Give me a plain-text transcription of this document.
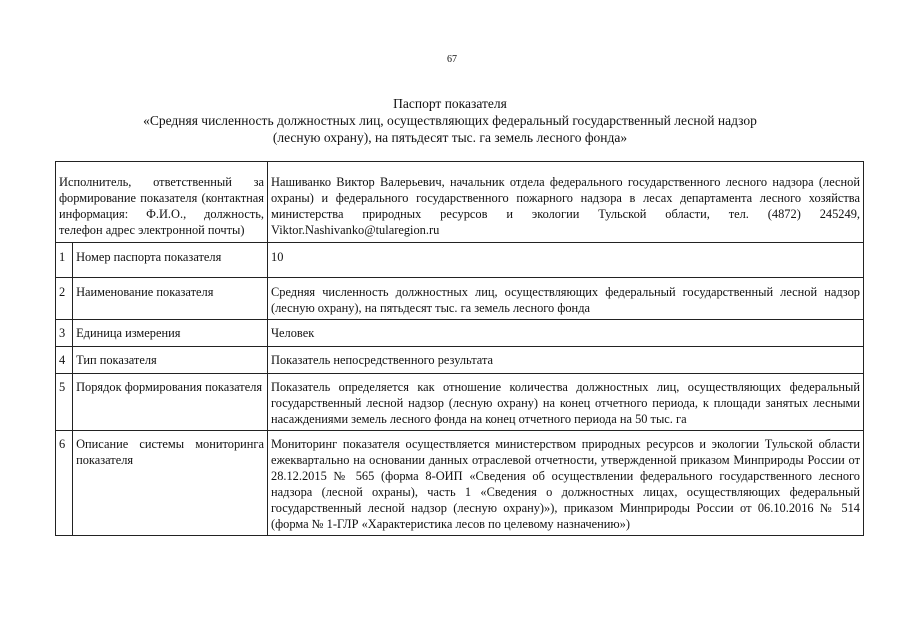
67
Паспорт показателя
«Средняя численность должностных лиц, осуществляющих федеральный государственный лесной надзор
(лесную охрану), на пятьдесят тыс. га земель лесного фонда»
Исполнитель, ответственный за формирование показателя (контактная информация: Ф.И.О., должность, телефон адрес электронной почты)		Нашиванко Виктор Валерьевич, начальник отдела федерального государственного лесного надзора (лесной охраны) и федерального государственного пожарного надзора в лесах департамента лесного хозяйства министерства природных ресурсов и экологии Тульской области, тел. (4872) 245249, Viktor.Nashivanko@tularegion.ru
1	Номер паспорта показателя	10
2	Наименование показателя	Средняя численность должностных лиц, осуществляющих федеральный государственный лесной надзор (лесную охрану), на пятьдесят тыс. га земель лесного фонда
3	Единица измерения	Человек
4	Тип показателя	Показатель непосредственного результата
5	Порядок формирования показателя	Показатель определяется как отношение количества должностных лиц, осуществляющих федеральный государственный лесной надзор (лесную охрану) на конец отчетного периода, к площади занятых лесными насаждениями земель лесного фонда на конец отчетного периода на 50 тыс. га
6	Описание системы мониторинга показателя	Мониторинг показателя осуществляется министерством природных ресурсов и экологии Тульской области ежеквартально на основании данных отраслевой отчетности, утвержденной приказом Минприроды России от 28.12.2015 № 565 (форма 8-ОИП «Сведения об осуществлении федерального государственного лесного надзора (лесной охраны), часть 1 «Сведения о должностных лицах, осуществляющих федеральный государственный лесной надзор (лесную охрану)»), приказом Минприроды России от 06.10.2016 № 514 (форма № 1-ГЛР «Характеристика лесов по целевому назначению»)
